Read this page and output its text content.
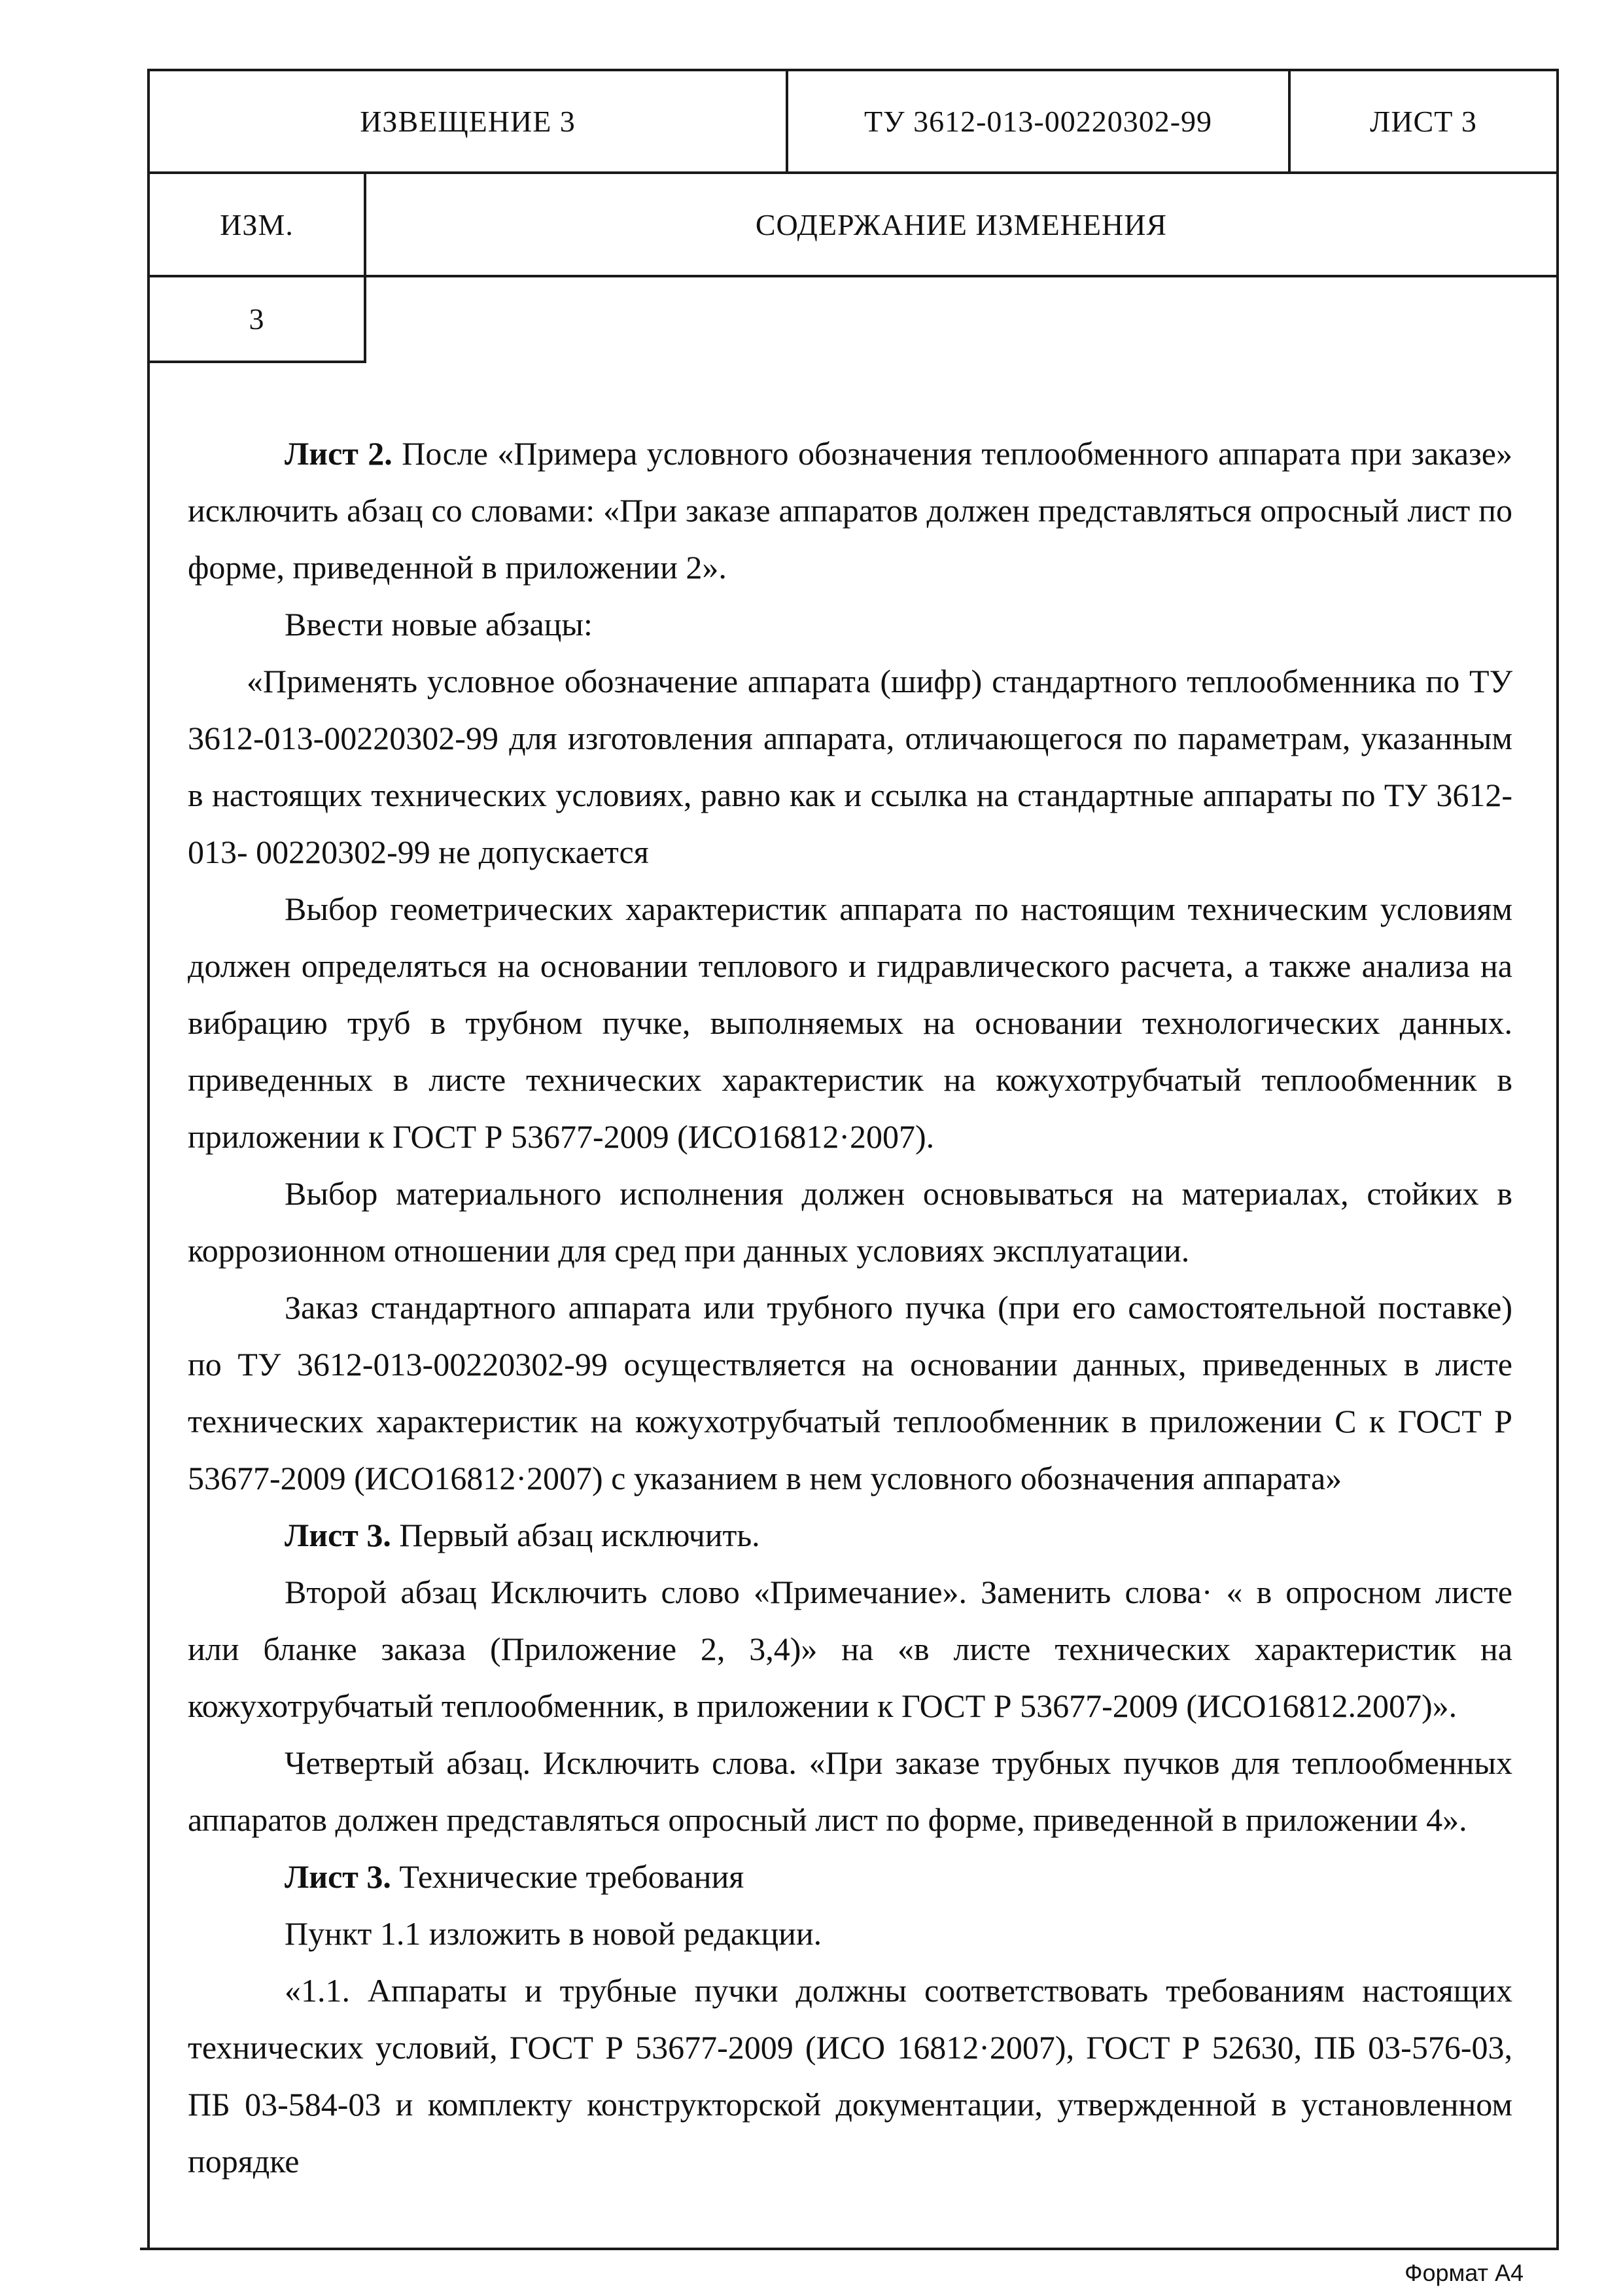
ИЗВЕЩЕНИЕ 3	ТУ 3612-013-00220302-99	ЛИСТ 3
ИЗМ.	СОДЕРЖАНИЕ ИЗМЕНЕНИЯ
3

Лист 2. После «Примера условного обозначения теплообменного аппарата при заказе» исключить абзац со словами: «При заказе аппаратов должен представляться опросный лист по форме, приведенной в приложении 2».

Ввести новые абзацы:

«Применять условное обозначение аппарата (шифр) стандартного теплообменника по ТУ 3612-013-00220302-99 для изготовления аппарата, отличающегося по параметрам, указанным в настоящих технических условиях, равно как и ссылка на стандартные аппараты по ТУ 3612-013- 00220302-99 не допускается

Выбор геометрических характеристик аппарата по настоящим техническим условиям должен определяться на основании теплового и гидравлического расчета, а также анализа на вибрацию труб в трубном пучке, выполняемых на основании технологических данных. приведенных в листе технических характеристик на кожухотрубчатый теплообменник в приложении к ГОСТ Р 53677-2009 (ИСО16812·2007).

Выбор материального исполнения должен основываться на материалах, стойких в коррозионном отношении для сред при данных условиях эксплуатации.

Заказ стандартного аппарата или трубного пучка (при его самостоятельной поставке) по ТУ 3612-013-00220302-99 осуществляется на основании данных, приведенных в листе технических характеристик на кожухотрубчатый теплообменник в приложении С к ГОСТ Р 53677-2009 (ИСО16812·2007) с указанием в нем условного обозначения аппарата»

Лист 3. Первый абзац исключить.

Второй абзац Исключить слово «Примечание». Заменить слова· « в опросном листе или бланке заказа (Приложение 2, 3,4)» на «в листе технических характеристик на кожухотрубчатый теплообменник, в приложении к ГОСТ Р 53677-2009 (ИСО16812.2007)».

Четвертый абзац. Исключить слова. «При заказе трубных пучков для теплообменных аппаратов должен представляться опросный лист по форме, приведенной в приложении 4».

Лист 3. Технические требования

Пункт 1.1 изложить в новой редакции.

«1.1. Аппараты и трубные пучки должны соответствовать требованиям настоящих технических условий, ГОСТ Р 53677-2009 (ИСО 16812·2007), ГОСТ Р 52630, ПБ 03-576-03, ПБ 03-584-03 и комплекту конструкторской документации, утвержденной в установленном порядке

Формат А4
